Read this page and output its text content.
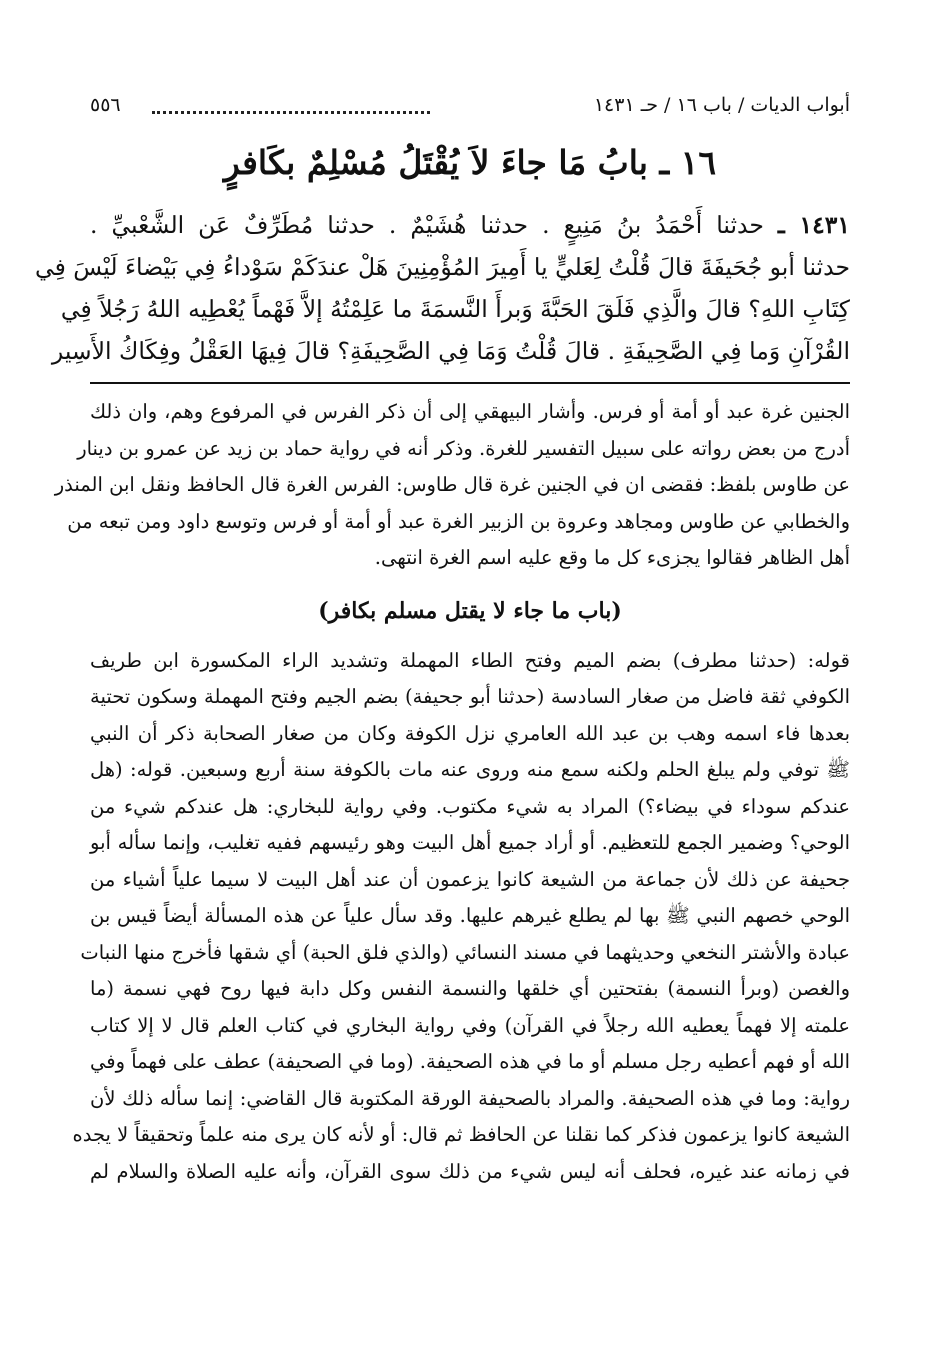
أبواب الديات / باب ١٦ / حـ ١٤٣١
٥٥٦
١٦ ـ بابُ مَا جاءَ لاَ يُقْتَلُ مُسْلِمٌ بكَافرٍ
١٤٣١ ـ حدثنا أَحْمَدُ بنُ مَنِيعٍ . حدثنا هُشَيْمٌ . حدثنا مُطَرِّفٌ عَن الشَّعْبيِّ .
حدثنا أبو جُحَيفَةَ قالَ قُلْتُ لِعَليٍّ يا أَمِيرَ المُؤْمِنِينَ هَلْ عندَكَمْ سَوْداءُ فِي بَيْضاءَ لَيْسَ فِي
كِتَابِ اللهِ؟ قالَ والَّذِي فَلَقَ الحَبَّةَ وَبرأَ النَّسمَةَ ما عَلِمْتُهُ إلاَّ فَهْماً يُعْطِيه اللهُ رَجُلاً فِي
القُرْآنِ وَما فِي الصَّحِيفَةِ . قالَ قُلْتُ وَمَا فِي الصَّحِيفَةِ؟ قالَ فِيهَا العَقْلُ وفِكَاكُ الأَسِير
الجنين غرة عبد أو أمة أو فرس. وأشار البيهقي إلى أن ذكر الفرس في المرفوع وهم، وان ذلك
أدرج من بعض رواته على سبيل التفسير للغرة. وذكر أنه في رواية حماد بن زيد عن عمرو بن دينار
عن طاوس بلفظ: فقضى ان في الجنين غرة قال طاوس: الفرس الغرة قال الحافظ ونقل ابن المنذر
والخطابي عن طاوس ومجاهد وعروة بن الزبير الغرة عبد أو أمة أو فرس وتوسع داود ومن تبعه من
أهل الظاهر فقالوا يجزىء كل ما وقع عليه اسم الغرة انتهى.
(باب ما جاء لا يقتل مسلم بكافر)
قوله: (حدثنا مطرف) بضم الميم وفتح الطاء المهملة وتشديد الراء المكسورة ابن طريف
الكوفي ثقة فاضل من صغار السادسة (حدثنا أبو جحيفة) بضم الجيم وفتح المهملة وسكون تحتية
بعدها فاء اسمه وهب بن عبد الله العامري نزل الكوفة وكان من صغار الصحابة ذكر أن النبي
ﷺ توفي ولم يبلغ الحلم ولكنه سمع منه وروى عنه مات بالكوفة سنة أربع وسبعين. قوله: (هل
عندكم سوداء في بيضاء؟) المراد به شيء مكتوب. وفي رواية للبخاري: هل عندكم شيء من
الوحي؟ وضمير الجمع للتعظيم. أو أراد جميع أهل البيت وهو رئيسهم ففيه تغليب، وإنما سأله أبو
جحيفة عن ذلك لأن جماعة من الشيعة كانوا يزعمون أن عند أهل البيت لا سيما علياً أشياء من
الوحي خصهم النبي ﷺ بها لم يطلع غيرهم عليها. وقد سأل علياً عن هذه المسألة أيضاً قيس بن
عبادة والأشتر النخعي وحديثهما في مسند النسائي (والذي فلق الحبة) أي شقها فأخرج منها النبات
والغصن (وبرأ النسمة) بفتحتين أي خلقها والنسمة النفس وكل دابة فيها روح فهي نسمة (ما
علمته إلا فهماً يعطيه الله رجلاً في القرآن) وفي رواية البخاري في كتاب العلم قال لا إلا كتاب
الله أو فهم أعطيه رجل مسلم أو ما في هذه الصحيفة. (وما في الصحيفة) عطف على فهماً وفي
رواية: وما في هذه الصحيفة. والمراد بالصحيفة الورقة المكتوبة قال القاضي: إنما سأله ذلك لأن
الشيعة كانوا يزعمون فذكر كما نقلنا عن الحافظ ثم قال: أو لأنه كان يرى منه علماً وتحقيقاً لا يجده
في زمانه عند غيره، فحلف أنه ليس شيء من ذلك سوى القرآن، وأنه عليه الصلاة والسلام لم
